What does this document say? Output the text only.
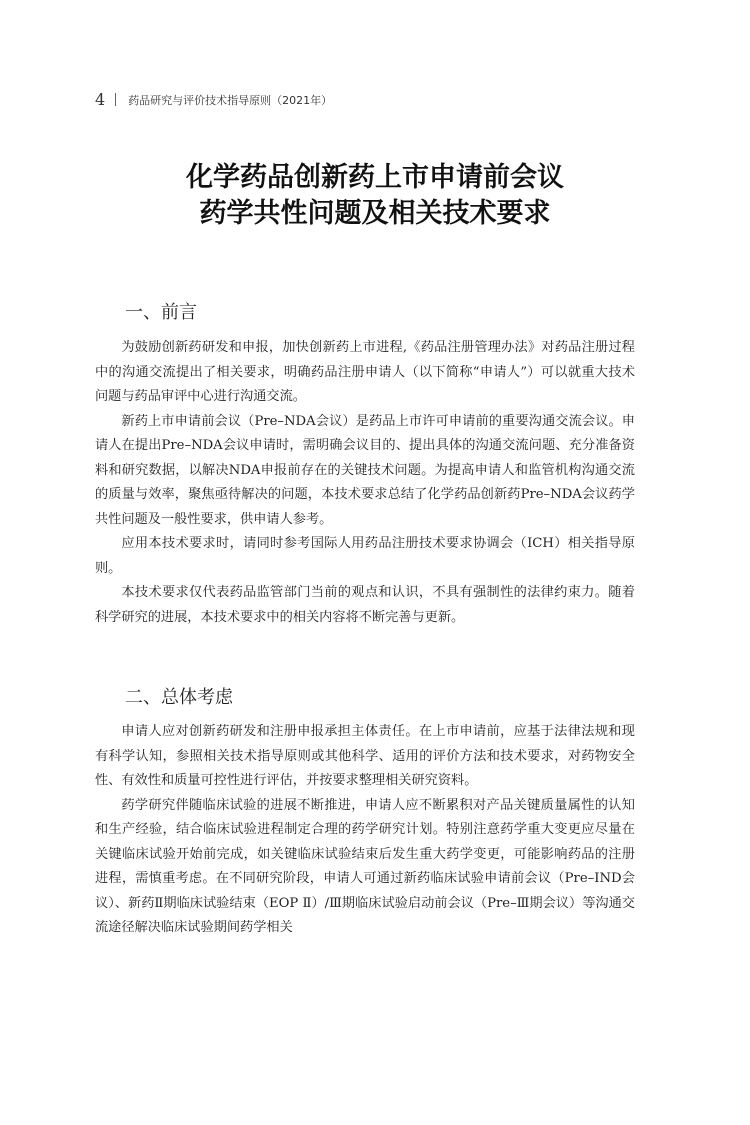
4 药品研究与评价技术指导原则（2021年）
化学药品创新药上市申请前会议
药学共性问题及相关技术要求
一、前言

为鼓励创新药研发和申报，加快创新药上市进程,《药品注册管理办法》对药品注册过程中的沟通交流提出了相关要求，明确药品注册申请人（以下简称“申请人”）可以就重大技术问题与药品审评中心进行沟通交流。

新药上市申请前会议（Pre–NDA会议）是药品上市许可申请前的重要沟通交流会议。申请人在提出Pre–NDA会议申请时，需明确会议目的、提出具体的沟通交流问题、充分准备资料和研究数据，以解决NDA申报前存在的关键技术问题。为提高申请人和监管机构沟通交流的质量与效率，聚焦亟待解决的问题，本技术要求总结了化学药品创新药Pre–NDA会议药学共性问题及一般性要求，供申请人参考。

应用本技术要求时，请同时参考国际人用药品注册技术要求协调会（ICH）相关指导原则。

本技术要求仅代表药品监管部门当前的观点和认识，不具有强制性的法律约束力。随着科学研究的进展，本技术要求中的相关内容将不断完善与更新。

二、总体考虑

申请人应对创新药研发和注册申报承担主体责任。在上市申请前，应基于法律法规和现有科学认知，参照相关技术指导原则或其他科学、适用的评价方法和技术要求，对药物安全性、有效性和质量可控性进行评估，并按要求整理相关研究资料。

药学研究伴随临床试验的进展不断推进，申请人应不断累积对产品关键质量属性的认知和生产经验，结合临床试验进程制定合理的药学研究计划。特别注意药学重大变更应尽量在关键临床试验开始前完成，如关键临床试验结束后发生重大药学变更，可能影响药品的注册进程，需慎重考虑。在不同研究阶段，申请人可通过新药临床试验申请前会议（Pre–IND会议）、新药Ⅱ期临床试验结束（EOP Ⅱ）/Ⅲ期临床试验启动前会议（Pre–Ⅲ期会议）等沟通交流途径解决临床试验期间药学相关
